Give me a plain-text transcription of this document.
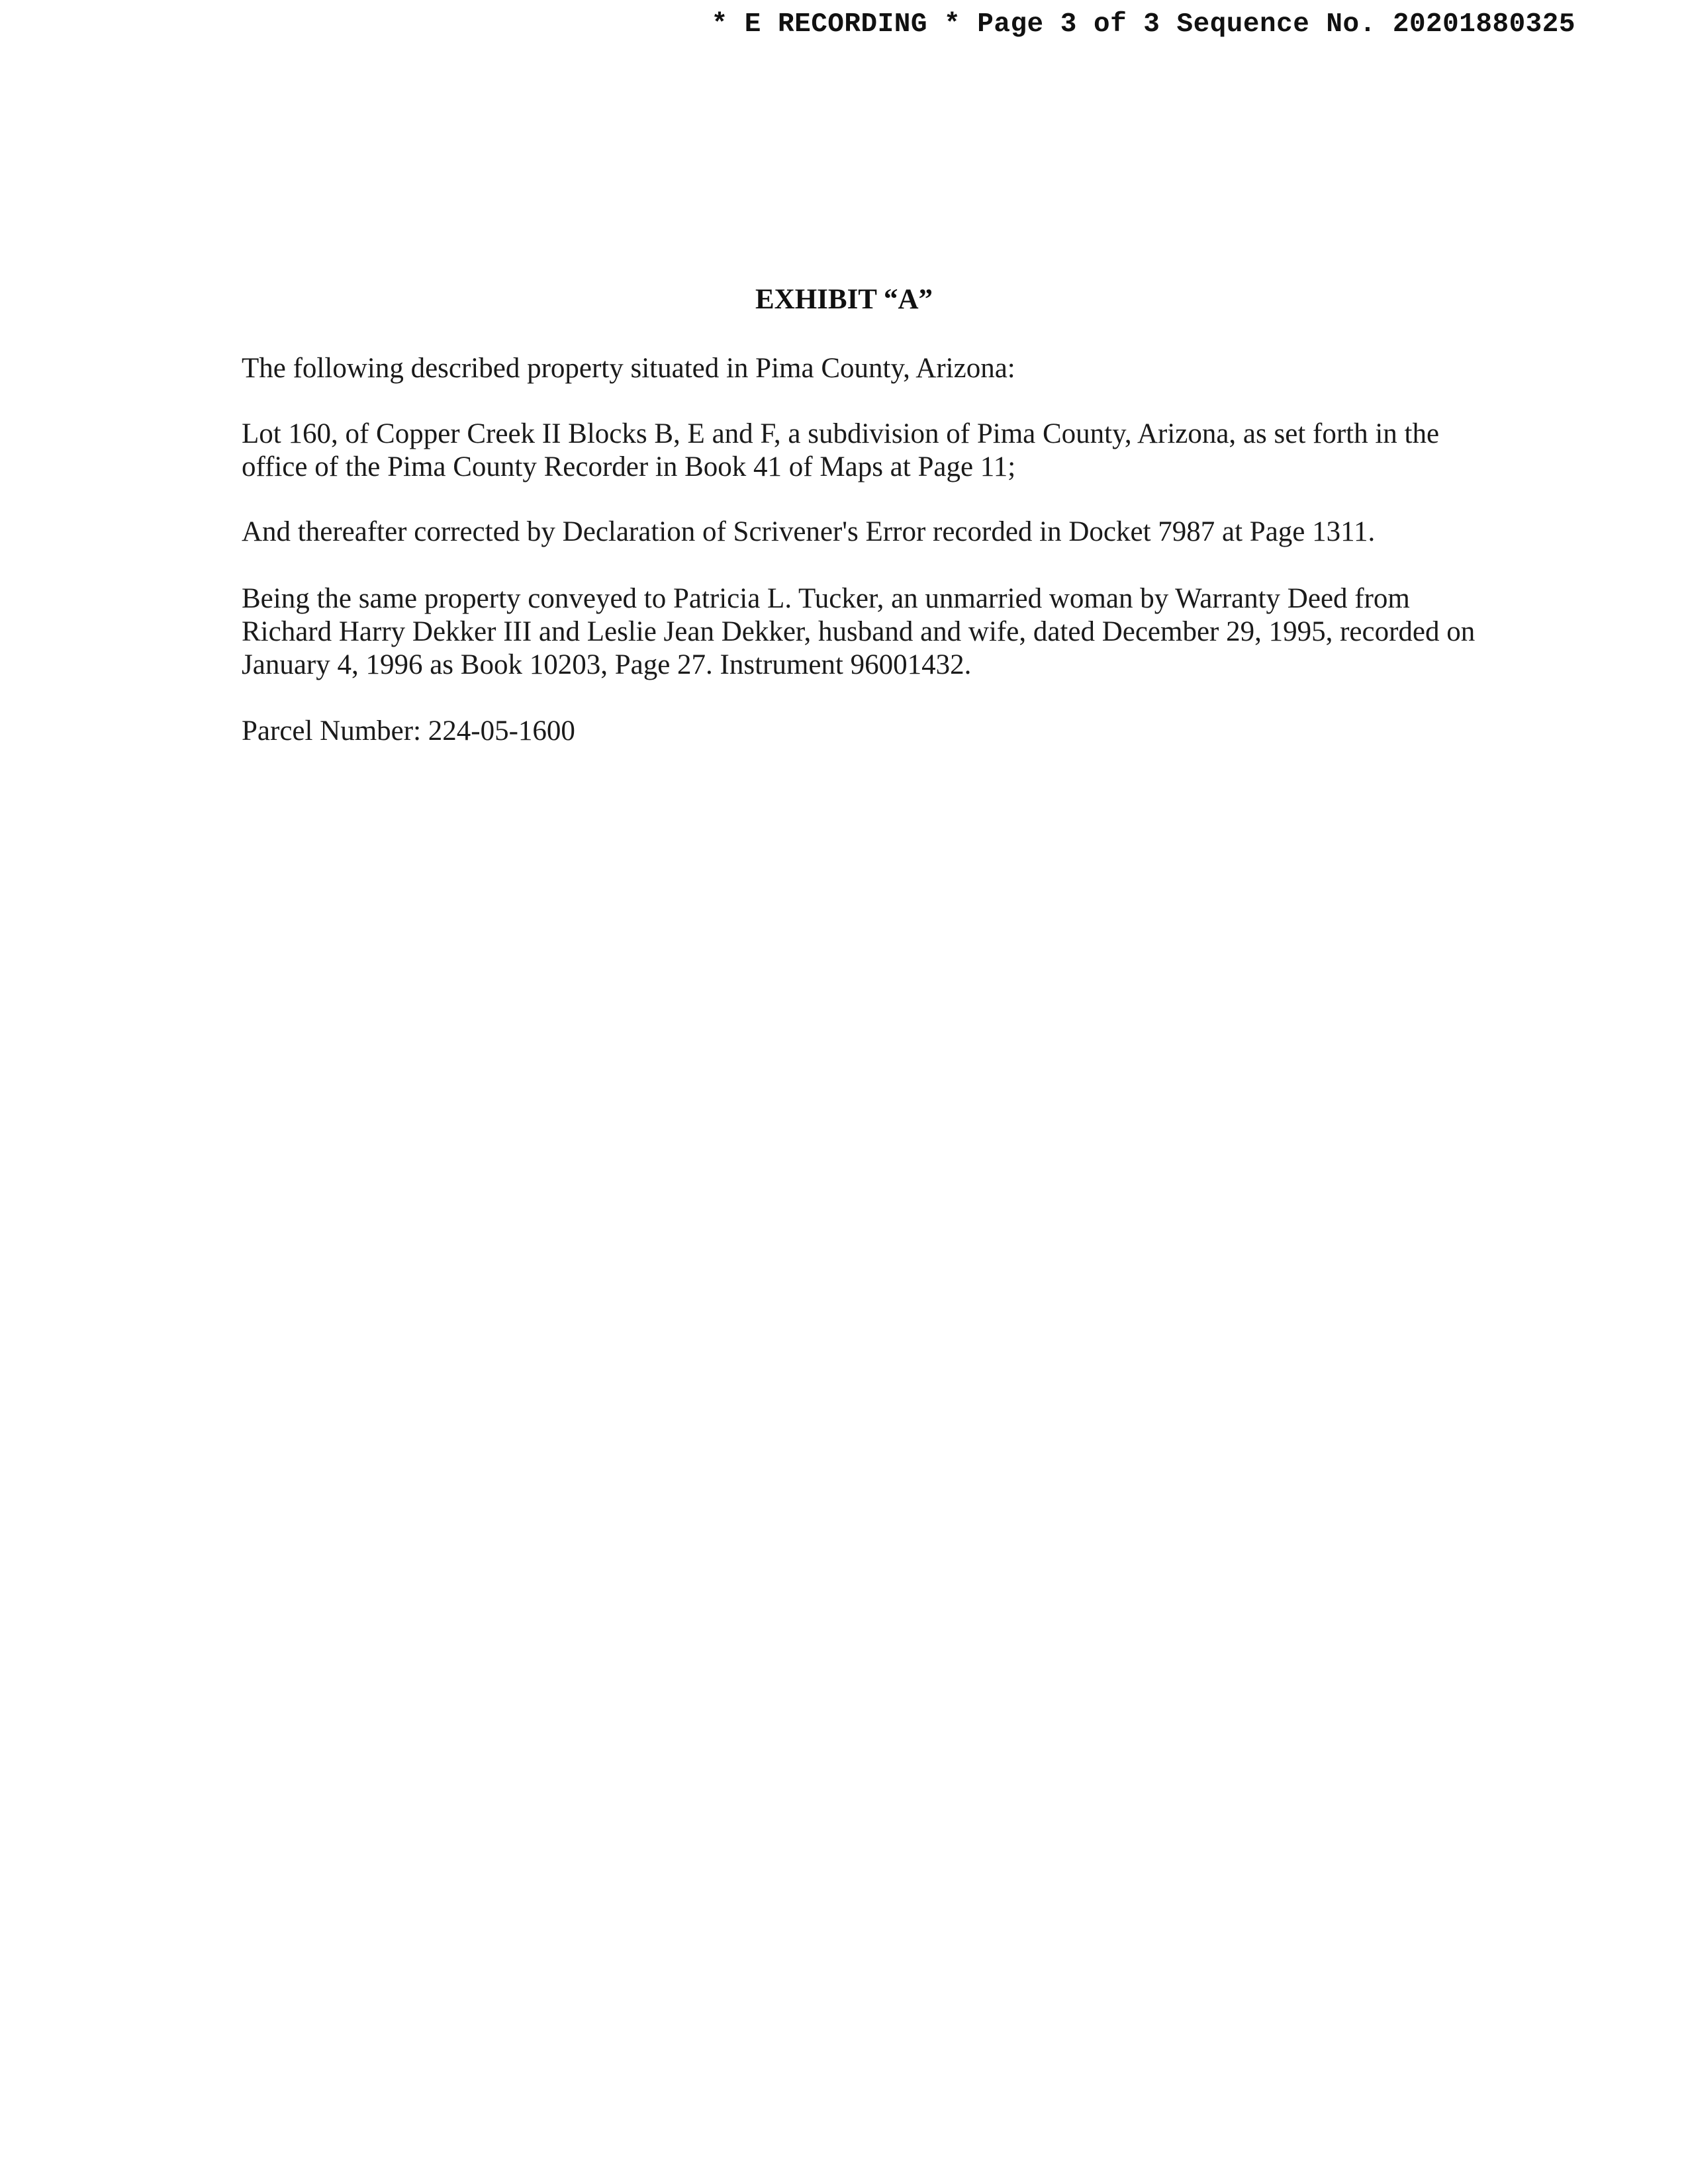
* E RECORDING * Page 3 of 3 Sequence No. 20201880325
EXHIBIT “A”
The following described property situated in Pima County, Arizona:
Lot 160, of Copper Creek II Blocks B, E and F, a subdivision of Pima County, Arizona, as set forth in the office of the Pima County Recorder in Book 41 of Maps at Page 11;
And thereafter corrected by Declaration of Scrivener's Error recorded in Docket 7987 at Page 1311.
Being the same property conveyed to Patricia L. Tucker, an unmarried woman by Warranty Deed from Richard Harry Dekker III and Leslie Jean Dekker, husband and wife, dated December 29, 1995, recorded on January 4, 1996 as Book 10203, Page 27. Instrument 96001432.
Parcel Number: 224-05-1600
